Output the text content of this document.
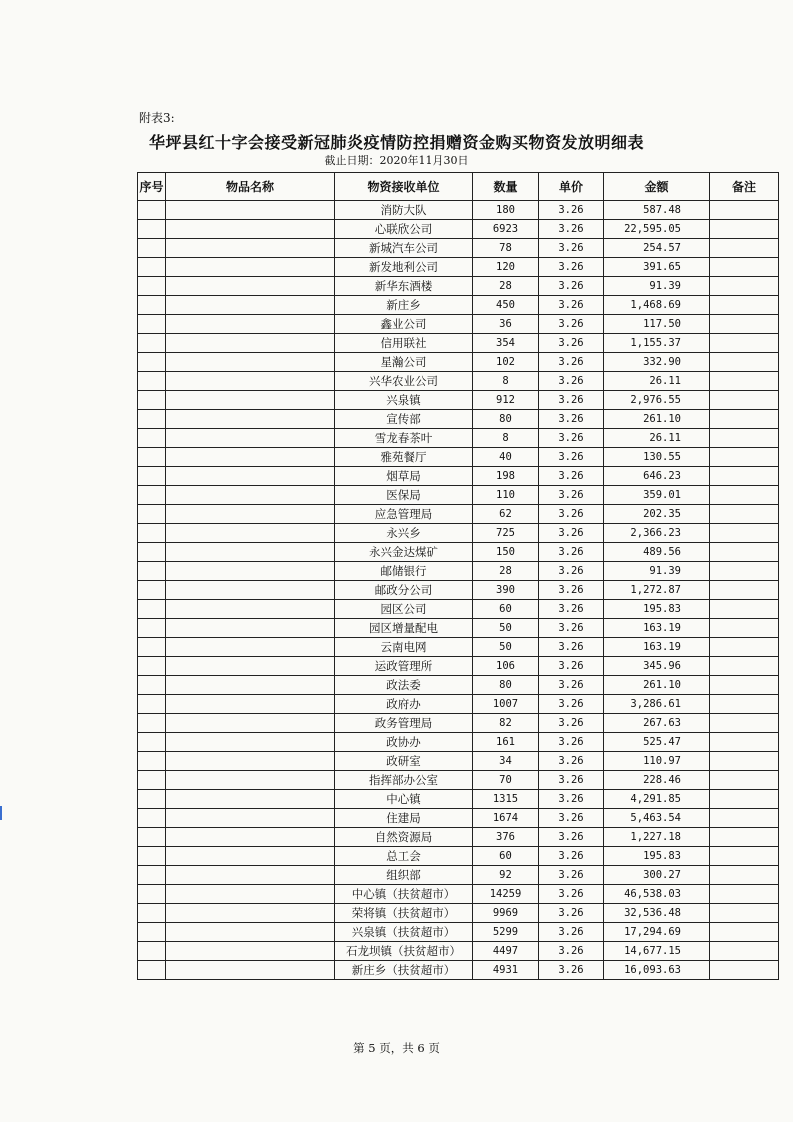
附表3:
华坪县红十字会接受新冠肺炎疫情防控捐赠资金购买物资发放明细表
截止日期：2020年11月30日
序号	物品名称	物资接收单位	数量	单价	金额	备注
		消防大队	180	3.26	587.48	
		心联欣公司	6923	3.26	22,595.05	
		新城汽车公司	78	3.26	254.57	
		新发地利公司	120	3.26	391.65	
		新华东酒楼	28	3.26	91.39	
		新庄乡	450	3.26	1,468.69	
		鑫业公司	36	3.26	117.50	
		信用联社	354	3.26	1,155.37	
		星瀚公司	102	3.26	332.90	
		兴华农业公司	8	3.26	26.11	
		兴泉镇	912	3.26	2,976.55	
		宣传部	80	3.26	261.10	
		雪龙春茶叶	8	3.26	26.11	
		雅苑餐厅	40	3.26	130.55	
		烟草局	198	3.26	646.23	
		医保局	110	3.26	359.01	
		应急管理局	62	3.26	202.35	
		永兴乡	725	3.26	2,366.23	
		永兴金达煤矿	150	3.26	489.56	
		邮储银行	28	3.26	91.39	
		邮政分公司	390	3.26	1,272.87	
		园区公司	60	3.26	195.83	
		园区增量配电	50	3.26	163.19	
		云南电网	50	3.26	163.19	
		运政管理所	106	3.26	345.96	
		政法委	80	3.26	261.10	
		政府办	1007	3.26	3,286.61	
		政务管理局	82	3.26	267.63	
		政协办	161	3.26	525.47	
		政研室	34	3.26	110.97	
		指挥部办公室	70	3.26	228.46	
		中心镇	1315	3.26	4,291.85	
		住建局	1674	3.26	5,463.54	
		自然资源局	376	3.26	1,227.18	
		总工会	60	3.26	195.83	
		组织部	92	3.26	300.27	
		中心镇（扶贫超市）	14259	3.26	46,538.03	
		荣将镇（扶贫超市）	9969	3.26	32,536.48	
		兴泉镇（扶贫超市）	5299	3.26	17,294.69	
		石龙坝镇（扶贫超市）	4497	3.26	14,677.15	
		新庄乡（扶贫超市）	4931	3.26	16,093.63	
第 5 页，共 6 页
